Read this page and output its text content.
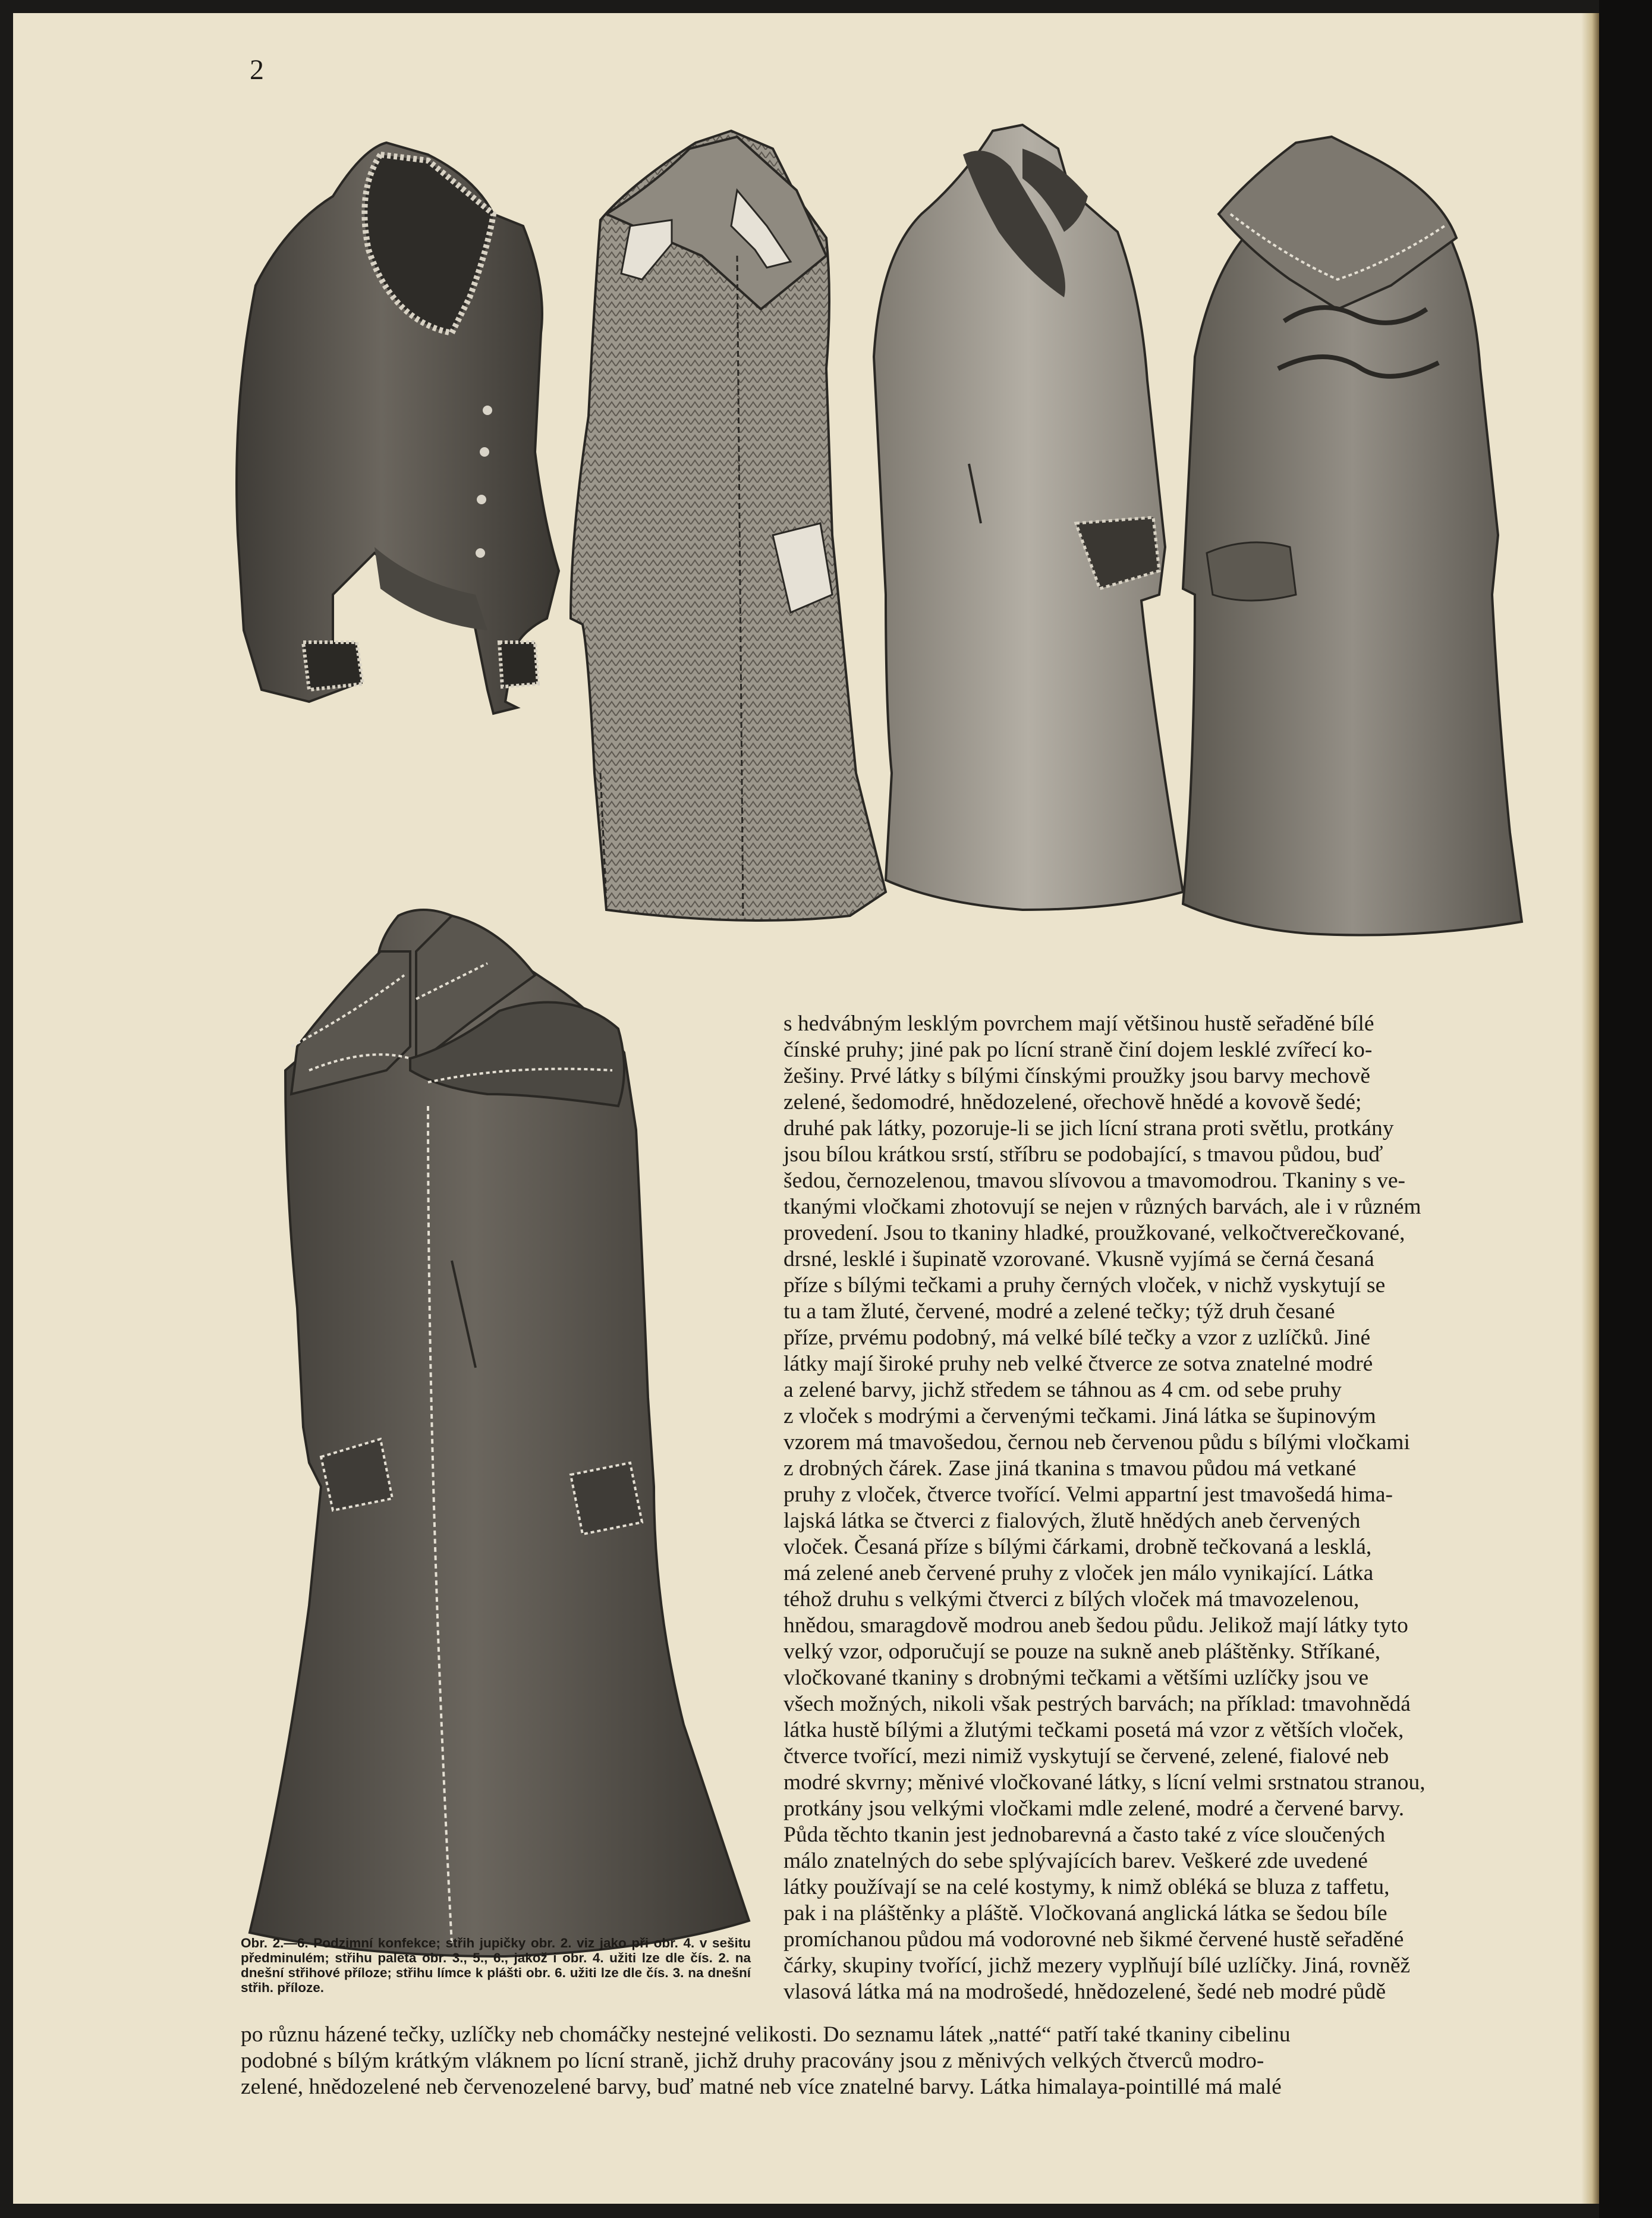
2

Obr. 2.—6. Podzimní konfekce; střih jupičky obr. 2. viz jako při obr. 4. v sešitu předminulém; střihu paleta obr. 3., 5., 6., jakož i obr. 4. užiti lze dle čís. 2. na dnešní střihové příloze; střihu límce k plášti obr. 6. užiti lze dle čís. 3. na dnešní střih. příloze.

s hedvábným lesklým povrchem mají většinou hustě seřaděné bílé

čínské pruhy; jiné pak po lícní straně činí dojem lesklé zvířecí ko-

žešiny. Prvé látky s bílými čínskými proužky jsou barvy mechově

zelené, šedomodré, hnědozelené, ořechově hnědé a kovově šedé;

druhé pak látky, pozoruje-li se jich lícní strana proti světlu, protkány

jsou bílou krátkou srstí, stříbru se podobající, s tmavou půdou, buď

šedou, černozelenou, tmavou slívovou a tmavomodrou. Tkaniny s ve-

tkanými vločkami zhotovují se nejen v různých barvách, ale i v různém

provedení. Jsou to tkaniny hladké, proužkované, velkočtverečkované,

drsné, lesklé i šupinatě vzorované. Vkusně vyjímá se černá česaná

příze s bílými tečkami a pruhy černých vloček, v nichž vyskytují se

tu a tam žluté, červené, modré a zelené tečky; týž druh česané

příze, prvému podobný, má velké bílé tečky a vzor z uzlíčků. Jiné

látky mají široké pruhy neb velké čtverce ze sotva znatelné modré

a zelené barvy, jichž středem se táhnou as 4 cm. od sebe pruhy

z vloček s modrými a červenými tečkami. Jiná látka se šupinovým

vzorem má tmavošedou, černou neb červenou půdu s bílými vločkami

z drobných čárek. Zase jiná tkanina s tmavou půdou má vetkané

pruhy z vloček, čtverce tvořící. Velmi appartní jest tmavošedá hima-

lajská látka se čtverci z fialových, žlutě hnědých aneb červených

vloček. Česaná příze s bílými čárkami, drobně tečkovaná a lesklá,

má zelené aneb červené pruhy z vloček jen málo vynikající. Látka

téhož druhu s velkými čtverci z bílých vloček má tmavozelenou,

hnědou, smaragdově modrou aneb šedou půdu. Jelikož mají látky tyto

velký vzor, odporučují se pouze na sukně aneb pláštěnky. Stříkané,

vločkované tkaniny s drobnými tečkami a většími uzlíčky jsou ve

všech možných, nikoli však pestrých barvách; na příklad: tmavohnědá

látka hustě bílými a žlutými tečkami posetá má vzor z větších vloček,

čtverce tvořící, mezi nimiž vyskytují se červené, zelené, fialové neb

modré skvrny; měnivé vločkované látky, s lícní velmi srstnatou stranou,

protkány jsou velkými vločkami mdle zelené, modré a červené barvy.

Půda těchto tkanin jest jednobarevná a často také z více sloučených

málo znatelných do sebe splývajících barev. Veškeré zde uvedené

látky používají se na celé kostymy, k nimž obléká se bluza z taffetu,

pak i na pláštěnky a pláště. Vločkovaná anglická látka se šedou bíle

promíchanou půdou má vodorovné neb šikmé červené hustě seřaděné

čárky, skupiny tvořící, jichž mezery vyplňují bílé uzlíčky. Jiná, rovněž

vlasová látka má na modrošedé, hnědozelené, šedé neb modré půdě

po různu házené tečky, uzlíčky neb chomáčky nestejné velikosti. Do seznamu látek „natté“ patří také tkaniny cibelinu

podobné s bílým krátkým vláknem po lícní straně, jichž druhy pracovány jsou z měnivých velkých čtverců modro-

zelené, hnědozelené neb červenozelené barvy, buď matné neb více znatelné barvy. Látka himalaya-pointillé má malé
